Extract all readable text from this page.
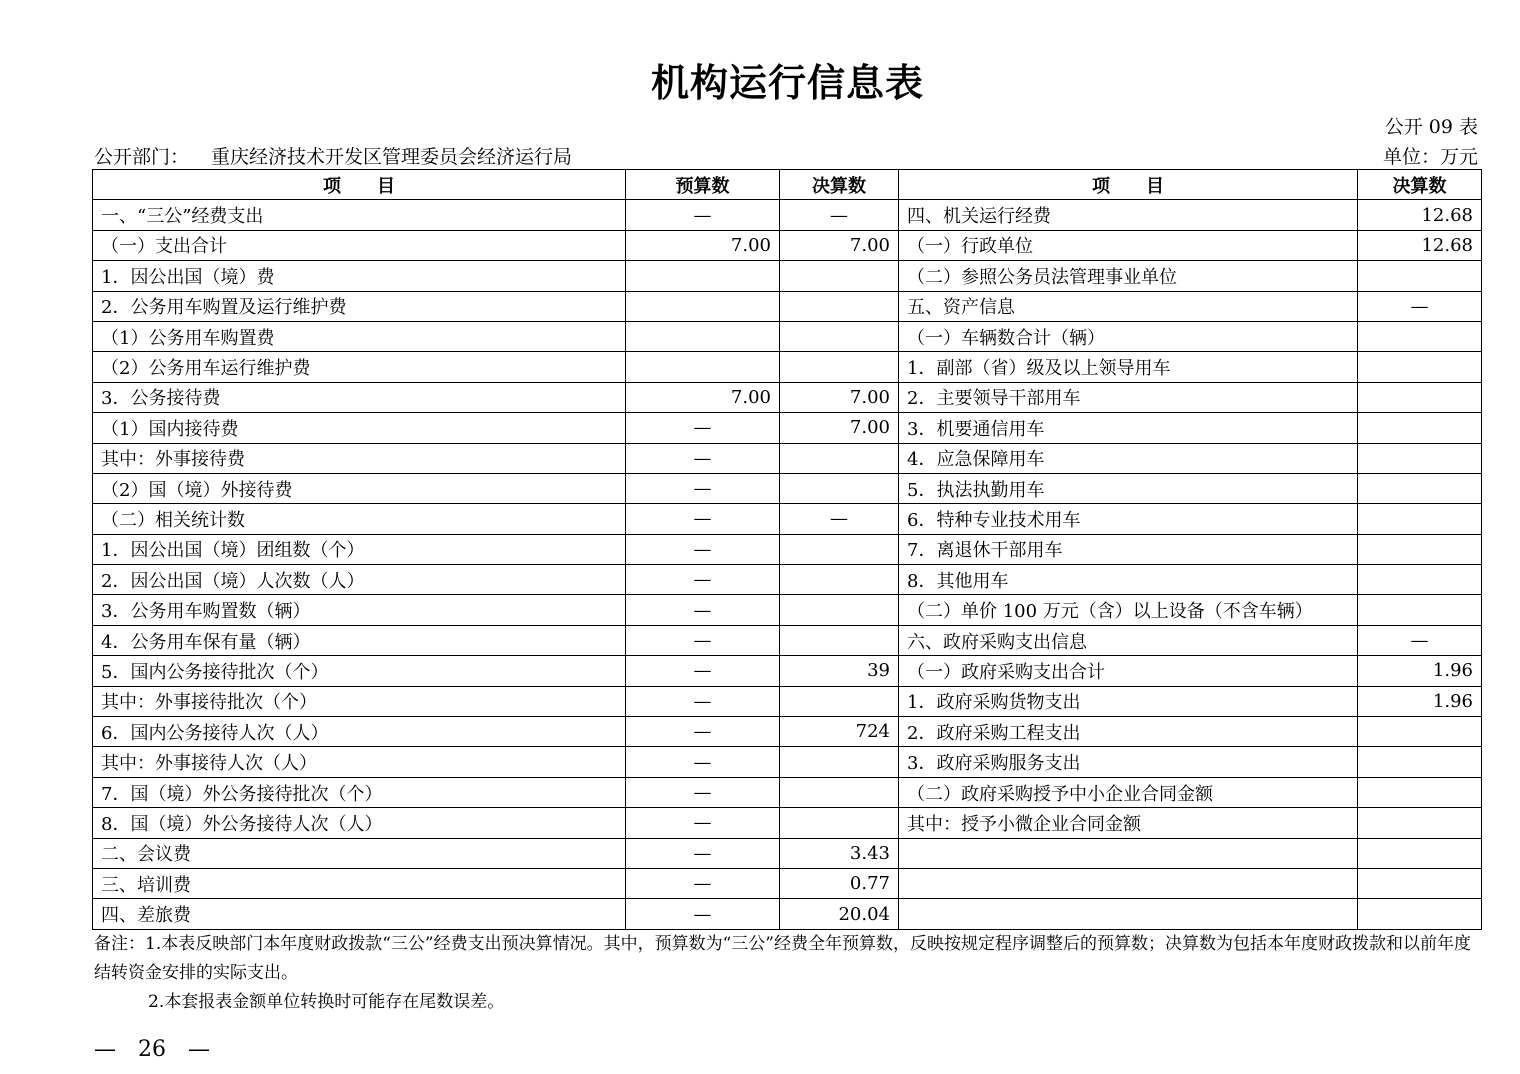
机构运行信息表
公开 09 表
公开部门： 重庆经济技术开发区管理委员会经济运行局	单位：万元
项　　目	预算数	决算数	项　　目	决算数
一、“三公”经费支出	—	—	四、机关运行经费	12.68
（一）支出合计	7.00	7.00	（一）行政单位	12.68
1．因公出国（境）费			（二）参照公务员法管理事业单位	
2．公务用车购置及运行维护费			五、资产信息	—
（1）公务用车购置费			（一）车辆数合计（辆）	
（2）公务用车运行维护费			1．副部（省）级及以上领导用车	
3．公务接待费	7.00	7.00	2．主要领导干部用车	
（1）国内接待费	—	7.00	3．机要通信用车	
其中：外事接待费	—		4．应急保障用车	
（2）国（境）外接待费	—		5．执法执勤用车	
（二）相关统计数	—	—	6．特种专业技术用车	
1．因公出国（境）团组数（个）	—		7．离退休干部用车	
2．因公出国（境）人次数（人）	—		8．其他用车	
3．公务用车购置数（辆）	—		（二）单价 100 万元（含）以上设备（不含车辆）	
4．公务用车保有量（辆）	—		六、政府采购支出信息	—
5．国内公务接待批次（个）	—	39	（一）政府采购支出合计	1.96
其中：外事接待批次（个）	—		1．政府采购货物支出	1.96
6．国内公务接待人次（人）	—	724	2．政府采购工程支出	
其中：外事接待人次（人）	—		3．政府采购服务支出	
7．国（境）外公务接待批次（个）	—		（二）政府采购授予中小企业合同金额	
8．国（境）外公务接待人次（人）	—		其中：授予小微企业合同金额	
二、会议费	—	3.43		
三、培训费	—	0.77		
四、差旅费	—	20.04		
备注：1.本表反映部门本年度财政拨款“三公”经费支出预决算情况。其中，预算数为“三公”经费全年预算数，反映按规定程序调整后的预算数；决算数为包括本年度财政拨款和以前年度结转资金安排的实际支出。
2.本套报表金额单位转换时可能存在尾数误差。
—　26　—
